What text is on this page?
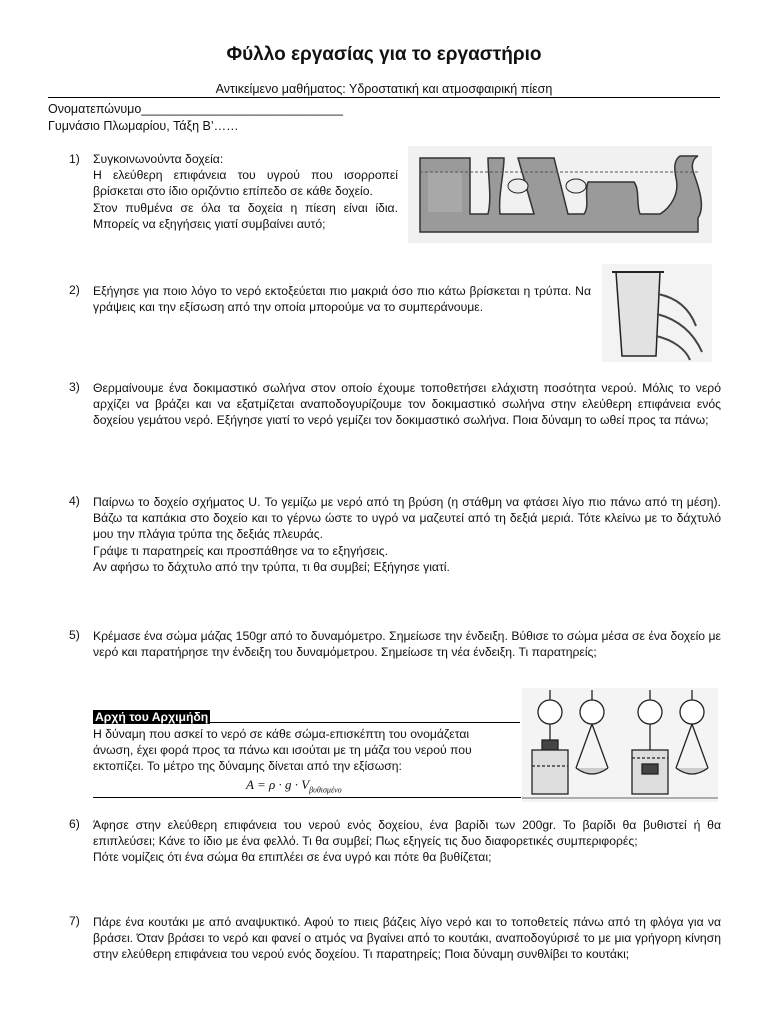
Φύλλο εργασίας για το εργαστήριο
Αντικείμενο μαθήματος: Υδροστατική και ατμοσφαιρική πίεση
Ονοματεπώνυμο_____________________________
Γυμνάσιο Πλωμαρίου, Τάξη Β’……
1) Συγκοινωνούντα δοχεία:
Η ελεύθερη επιφάνεια του υγρού που ισορροπεί βρίσκεται στο ίδιο οριζόντιο επίπεδο σε κάθε δοχείο.
Στον πυθμένα σε όλα τα δοχεία η πίεση είναι ίδια. Μπορείς να εξηγήσεις γιατί συμβαίνει αυτό;
2) Εξήγησε για ποιο λόγο το νερό εκτοξεύεται πιο μακριά όσο πιο κάτω βρίσκεται η τρύπα. Να γράψεις και την εξίσωση από την οποία μπορούμε να το συμπεράνουμε.
3) Θερμαίνουμε ένα δοκιμαστικό σωλήνα στον οποίο έχουμε τοποθετήσει ελάχιστη ποσότητα νερού. Μόλις το νερό αρχίζει να βράζει και να εξατμίζεται αναποδογυρίζουμε τον δοκιμαστικό σωλήνα στην ελεύθερη επιφάνεια ενός δοχείου γεμάτου νερό. Εξήγησε γιατί το νερό γεμίζει τον δοκιμαστικό σωλήνα. Ποια δύναμη το ωθεί προς τα πάνω;
4) Παίρνω το δοχείο σχήματος U. Το γεμίζω με νερό από τη βρύση (η στάθμη να φτάσει λίγο πιο πάνω από τη μέση). Βάζω τα καπάκια στο δοχείο και το γέρνω ώστε το υγρό να μαζευτεί από τη δεξιά μεριά. Τότε κλείνω με το δάχτυλό μου την πλάγια τρύπα της δεξιάς πλευράς.
Γράψε τι παρατηρείς και προσπάθησε να το εξηγήσεις.
Αν αφήσω το δάχτυλο από την τρύπα, τι θα συμβεί; Εξήγησε γιατί.
5) Κρέμασε ένα σώμα μάζας 150gr από το δυναμόμετρο. Σημείωσε την ένδειξη. Βύθισε το σώμα μέσα σε ένα δοχείο με νερό και παρατήρησε την ένδειξη του δυναμόμετρου. Σημείωσε τη νέα ένδειξη. Τι παρατηρείς;
Αρχή του Αρχιμήδη
Η δύναμη που ασκεί το νερό σε κάθε σώμα-επισκέπτη του ονομάζεται άνωση, έχει φορά προς τα πάνω και ισούται με τη μάζα του νερού που εκτοπίζει. Το μέτρο της δύναμης δίνεται από την εξίσωση:
$A = \rho \cdot g \cdot V_{\beta\upsilon\theta\iota\sigma\mu έ\nu o}$
6) Άφησε στην ελεύθερη επιφάνεια του νερού ενός δοχείου, ένα βαρίδι των 200gr. Το βαρίδι θα βυθιστεί ή θα επιπλεύσει; Κάνε το ίδιο με ένα φελλό. Τι θα συμβεί; Πως εξηγείς τις δυο διαφορετικές συμπεριφορές;
Πότε νομίζεις ότι ένα σώμα θα επιπλέει σε ένα υγρό και πότε θα βυθίζεται;
7) Πάρε ένα κουτάκι με από αναψυκτικό. Αφού το πιεις βάζεις λίγο νερό και το τοποθετείς πάνω από τη φλόγα για να βράσει. Όταν βράσει το νερό και φανεί ο ατμός να βγαίνει από το κουτάκι, αναποδογύρισέ το με μια γρήγορη κίνηση στην ελεύθερη επιφάνεια του νερού ενός δοχείου. Τι παρατηρείς; Ποια δύναμη συνθλίβει το κουτάκι;
